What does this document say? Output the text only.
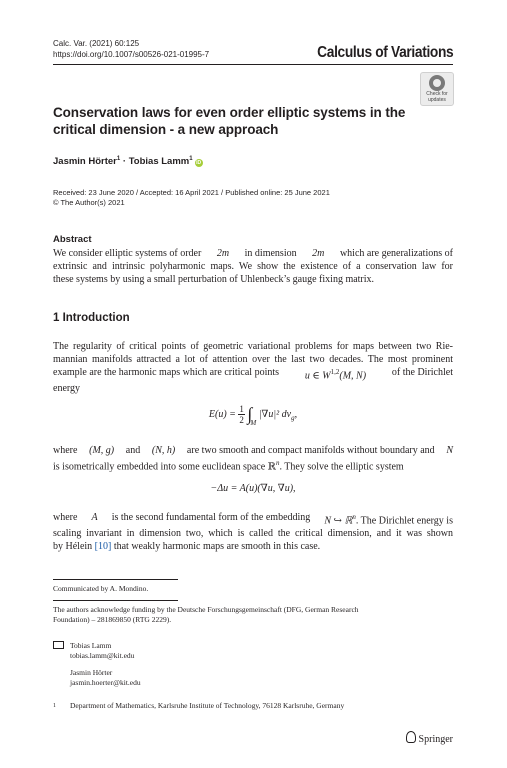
Calc. Var. (2021) 60:125
https://doi.org/10.1007/s00526-021-01995-7	Calculus of Variations
Check for updates
Conservation laws for even order elliptic systems in the
critical dimension - a new approach
Jasmin Hörter$^1$ · Tobias Lamm$^1$iD
Received: 23 June 2020 / Accepted: 16 April 2021 / Published online: 25 June 2021
© The Author(s) 2021
Abstract
We consider elliptic systems of order 2m in dimension 2m which are generalizations of
extrinsic and intrinsic polyharmonic maps. We show the existence of a conservation law for
these systems by using a small perturbation of Uhlenbeck’s gauge fixing matrix.
1 Introduction
The regularity of critical points of geometric variational problems for maps between two Rie-
mannian manifolds attracted a lot of attention over the last two decades. The most prominent
example are the harmonic maps which are critical points	u ∈ W$^{1,2}$(M, N)	of the Dirichlet
energy
$E(u) = \frac{1}{2} \int_M$ |∇u|² $dv_g$,
where (M, g) and (N, h) are two smooth and compact manifolds without boundary and N
is isometrically embedded into some euclidean space ℝ$^n$. They solve the elliptic system
−Δu = A(u)(∇u, ∇u),
where A is the second fundamental form of the embedding N ↪ ℝ$^n$. The Dirichlet energy is
scaling invariant in dimension two, which is called the critical dimension, and it was shown
by Hélein [10] that weakly harmonic maps are smooth in this case.
Communicated by A. Mondino.
The authors acknowledge funding by the Deutsche Forschungsgemeinschaft (DFG, German Research
Foundation) – 281869850 (RTG 2229).
Tobias Lamm
tobias.lamm@kit.edu
Jasmin Hörter
jasmin.hoerter@kit.edu
$^1$ Department of Mathematics, Karlsruhe Institute of Technology, 76128 Karlsruhe, Germany
Springer
